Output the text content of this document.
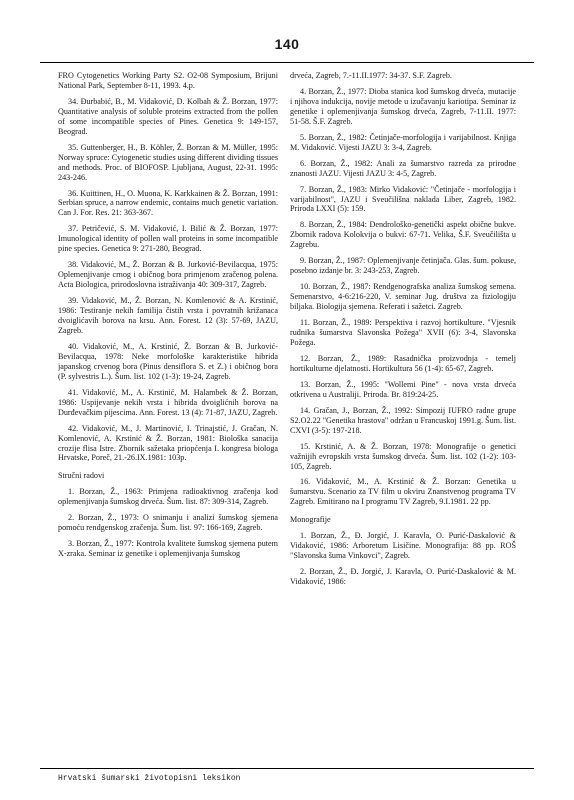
140

FRO Cytogenetics Working Party S2. O2-08 Symposium, Brijuni National Park, September 8-11, 1993. 4.p.

34. Đurbabić, B., M. Vidaković, D. Kolbah & Ž. Borzan, 1977: Quantitative analysis of soluble proteins extracted from the pollen of some incompatible species of Pines. Genetica 9: 149-157, Beograd.

35. Guttenberger, H., B. Köhler, Ž. Borzan & M. Müller, 1995: Norway spruce: Cytogenetic studies using different dividing tissues and methods. Proc. of BIOFOSP. Ljubljana, August, 22-31. 1995: 243-246.

36. Kuittinen, H., O. Muona, K. Karkkainen & Ž. Borzan, 1991: Serbian spruce, a narrow endemic, contains much genetic variation. Can J. For. Res. 21: 363-367.

37. Petričević, S. M. Vidaković, I. Bilić & Ž. Borzan, 1977: Imunological identity of pollen wall proteins in some incompatible pine species. Genetica 9: 271-280, Beograd.

38. Vidaković, M., Ž. Borzan & B. Jurković-Bevilacqua, 1975: Oplemenjivanje crnog i običnog bora primjenom zračenog polena. Acta Biologica, prirodoslovna istraživanja 40: 309-317, Zagreb.

39. Vidaković, M., Ž. Borzan, N. Komlenović & A. Krstinić, 1986: Testiranje nekih familija čistih vrsta i povratnih križanaca dvoiglićavih borova na krsu. Ann. Forest. 12 (3): 57-69, JAZU, Zagreb.

40. Vidaković, M., A. Krstinić, Ž. Borzan & B. Jurković-Bevilacqua, 1978: Neke morfološke karakteristike hibrida japanskog crvenog bora (Pinus densiflora S. et Z.) i običnog bora (P. sylvestris L.). Šum. list. 102 (1-3): 19-24, Zagreb.

41. Vidaković, M., A. Krstinić, M. Halambek & Ž. Borzan, 1986: Uspijevanje nekih vrsta i hibrida dvoiglićnih borova na Durđevačkim pijescima. Ann. Forest. 13 (4): 71-87, JAZU, Zagreb.

42. Vidaković, M., J. Martinović, I. Trinajstić, J. Gračan, N. Komlenović, A. Krstinić & Ž. Borzan, 1981: Biološka sanacija crozije flisa Istre. Zbornik sažetaka priopćenja I. kongresa biologa Hrvatske, Poreč, 21.-26.IX.1981: 103p.

Stručni radovi

1. Borzan, Ž., 1963: Primjena radioaktivnog zračenja kod oplemenjivanja šumskog drveća. Šum. list. 87: 309-314, Zagreb.

2. Borzan, Ž., 1973: O snimanju i analizi šumskog sjemena pomoću rendgenskog zračenja. Šum. list. 97: 166-169, Zagreb.

3. Borzan, Ž., 1977: Kontrola kvalitete šumskog sjemena putem X-zraka. Seminar iz genetike i oplemenjivanja šumskog

drveća, Zagreb, 7.-11.II.1977: 34-37. S.F. Zagreb.

4. Borzan, Ž., 1977: Dioba stanica kod šumskog drveća, mutacije i njihova indukcija, novije metode u izučavanju kariotipa. Seminar iz genetike i oplemenjivanja šumskog drveća, Zagreb, 7-11.II. 1977: 51-58. Š.F. Zagreb.

5. Borzan, Ž., 1982: Četinjače-morfologija i varijabilnost. Knjiga M. Vidaković. Vijesti JAZU 3: 3-4, Zagreb.

6. Borzan, Ž., 1982: Anali za šumarstvo razreda za prirodne znanosti JAZU. Vijesti JAZU 3: 4-5, Zagreb.

7. Borzan, Ž., 1983: Mirko Vidaković: "Četinjače - morfologija i varijabilnost", JAZU i Sveučilišna naklada Liber, Zagreb, 1982. Priroda LXXI (5): 159.

8. Borzan, Ž., 1984: Dendrološko-genetički aspekt obične bukve. Zbornik radova Kolokvija o bukvi: 67-71. Velika, Š.F. Sveučilišta u Zagrebu.

9. Borzan, Ž., 1987: Oplemenjivanje četinjača. Glas. šum. pokuse, posebno izdanje br. 3: 243-253, Zagreb.

10. Borzan, Ž., 1987: Rendgenografska analiza šumskog semena. Semenarstvo, 4-6:216-220, V. seminar Jug. društva za fiziologiju biljaka. Biologija sjemena. Referati i sažetci. Zagreb.

11. Borzan, Ž., 1989: Perspektiva i razvoj hortikulture. "Vjesnik rudnika šumarstva Slavonska Požega" XVII (6): 3-4, Slavonska Požega.

12. Borzan, Ž., 1989: Rasadnička proizvodnja - temelj hortikulturne djelatnosti. Hortikultura 56 (1-4): 65-67, Zagreb.

13. Borzan, Ž., 1995: "Wollemi Pine" - nova vrsta drveća otkrivena u Australiji. Priroda. Br. 819:24-25.

14. Gračan, J., Borzan, Ž., 1992: Simpozij IUFRO radne grupe S2.O2.22 "Genetika hrastova" održan u Francuskoj 1991.g. Šum. list. CXVI (3-5): 197-218.

15. Krstinić, A. & Ž. Borzan, 1978: Monografije o genetici važnijih evropskih vrsta šumskog drveća. Šum. list. 102 (1-2): 103-105, Zagreb.

16. Vidaković, M., A. Krstinić & Ž. Borzan: Genetika u šumarstvu. Scenario za TV film u okviru Znanstvenog programa TV Zagreb. Emitirano na I programu TV Zagreb, 9.I.1981. 22 pp.

Monografije

1. Borzan, Ž., Đ. Jorgić, J. Karavla, O. Purić-Daskalović & Vidaković, 1986: Arboretum Lisičine. Monografija: 88 pp. ROŠ "Slavonska šuma Vinkovci", Zagreb.

2. Borzan, Ž., Đ. Jorgić, J. Karavla, O. Purić-Daskalović & M. Vidaković, 1986:

Hrvatski šumarski životopisni leksikon
